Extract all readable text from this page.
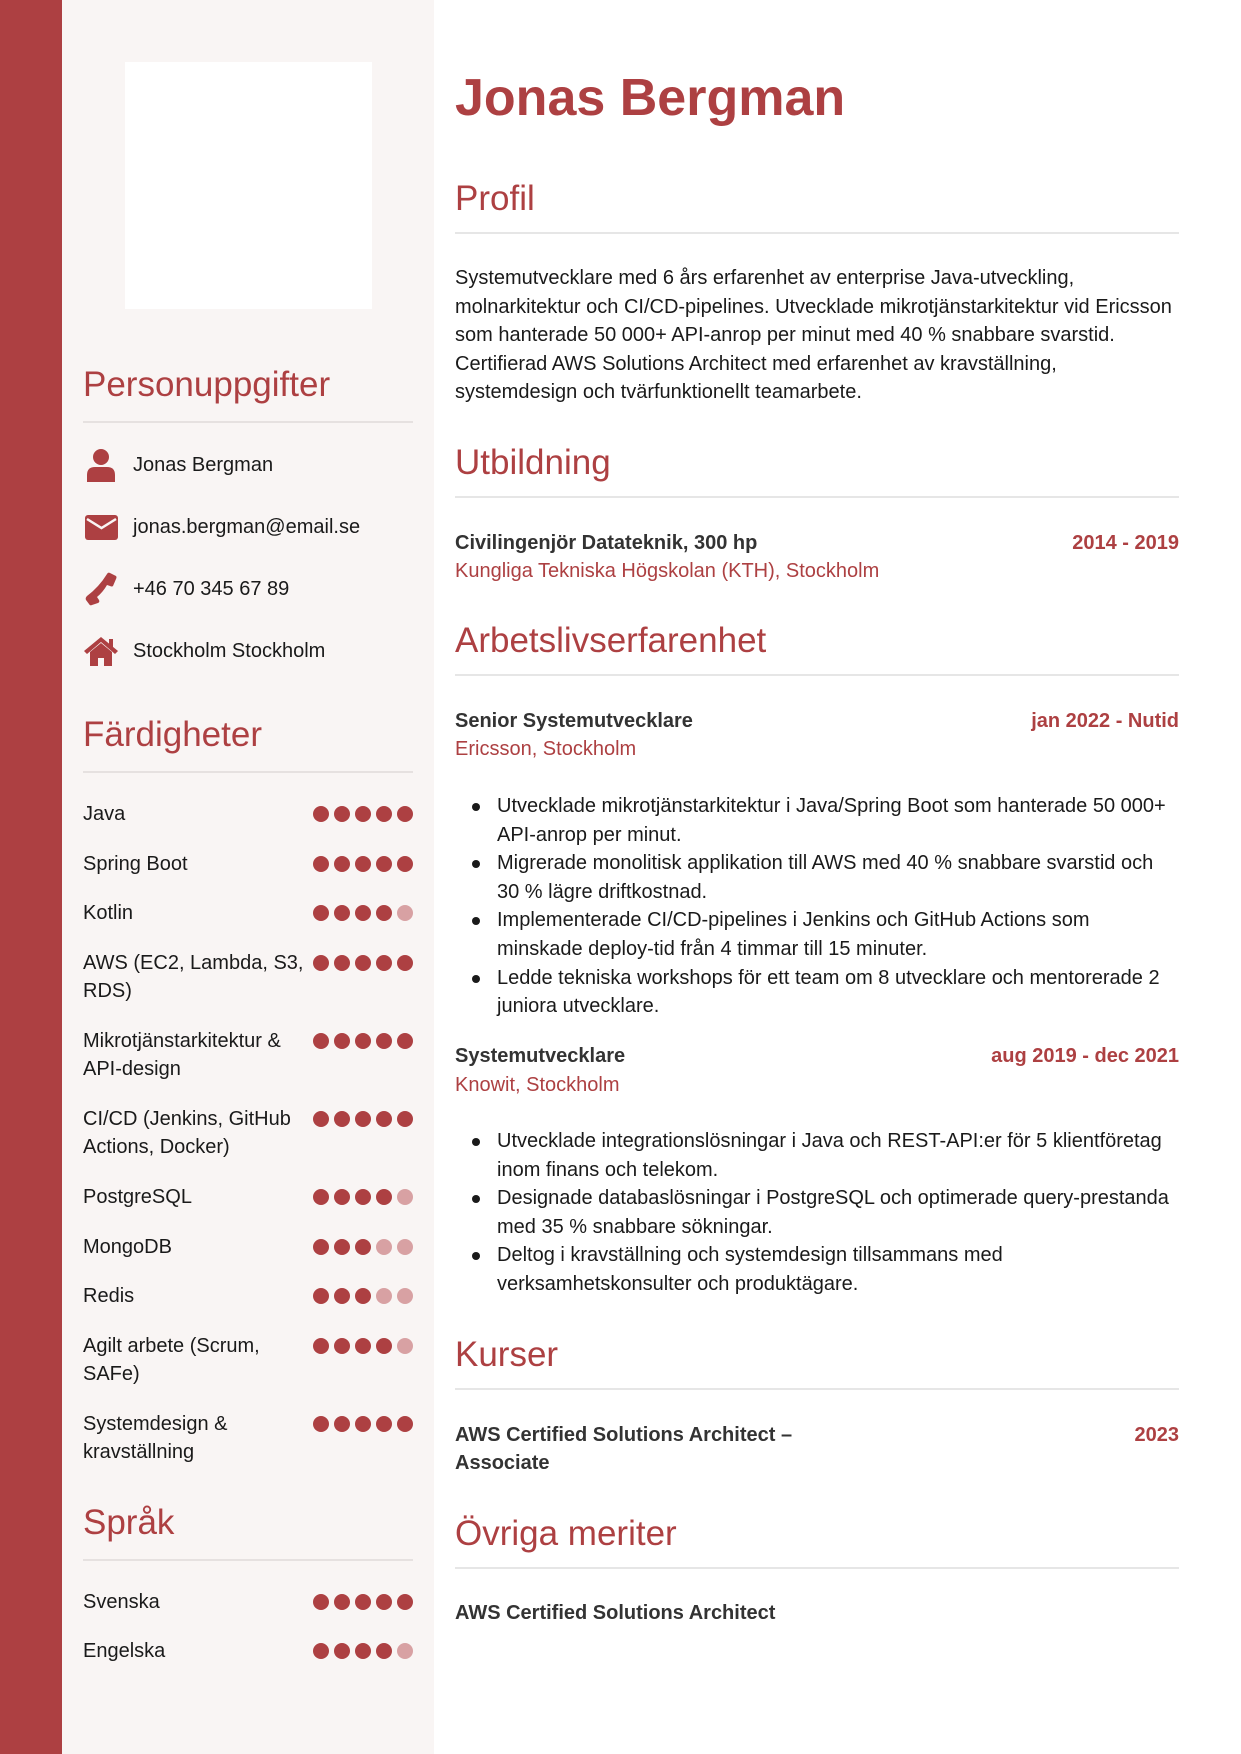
Personuppgifter
Jonas Bergman
jonas.bergman@email.se
+46 70 345 67 89
Stockholm Stockholm
Färdigheter
Java
Spring Boot
Kotlin
AWS (EC2, Lambda, S3, RDS)
Mikrotjänstarkitektur & API-design
CI/CD (Jenkins, GitHub Actions, Docker)
PostgreSQL
MongoDB
Redis
Agilt arbete (Scrum, SAFe)
Systemdesign & kravställning
Språk
Svenska
Engelska
Jonas Bergman
Profil

Systemutvecklare med 6 års erfarenhet av enterprise Java-utveckling, molnarkitektur och CI/CD-pipelines. Utvecklade mikrotjänstarkitektur vid Ericsson som hanterade 50 000+ API-anrop per minut med 40 % snabbare svarstid. Certifierad AWS Solutions Architect med erfarenhet av kravställning, systemdesign och tvärfunktionellt teamarbete.

Utbildning
Civilingenjör Datateknik, 300 hp	2014 - 2019
Kungliga Tekniska Högskolan (KTH), Stockholm
Arbetslivserfarenhet
Senior Systemutvecklare	jan 2022 - Nutid
Ericsson, Stockholm
Utvecklade mikrotjänstarkitektur i Java/Spring Boot som hanterade 50 000+ API-anrop per minut.
Migrerade monolitisk applikation till AWS med 40 % snabbare svarstid och 30 % lägre driftkostnad.
Implementerade CI/CD-pipelines i Jenkins och GitHub Actions som minskade deploy-tid från 4 timmar till 15 minuter.
Ledde tekniska workshops för ett team om 8 utvecklare och mentorerade 2 juniora utvecklare.
Systemutvecklare	aug 2019 - dec 2021
Knowit, Stockholm
Utvecklade integrationslösningar i Java och REST-API:er för 5 klientföretag inom finans och telekom.
Designade databaslösningar i PostgreSQL och optimerade query-prestanda med 35 % snabbare sökningar.
Deltog i kravställning och systemdesign tillsammans med verksamhetskonsulter och produktägare.
Kurser
AWS Certified Solutions Architect – Associate
2023
Övriga meriter
AWS Certified Solutions Architect
